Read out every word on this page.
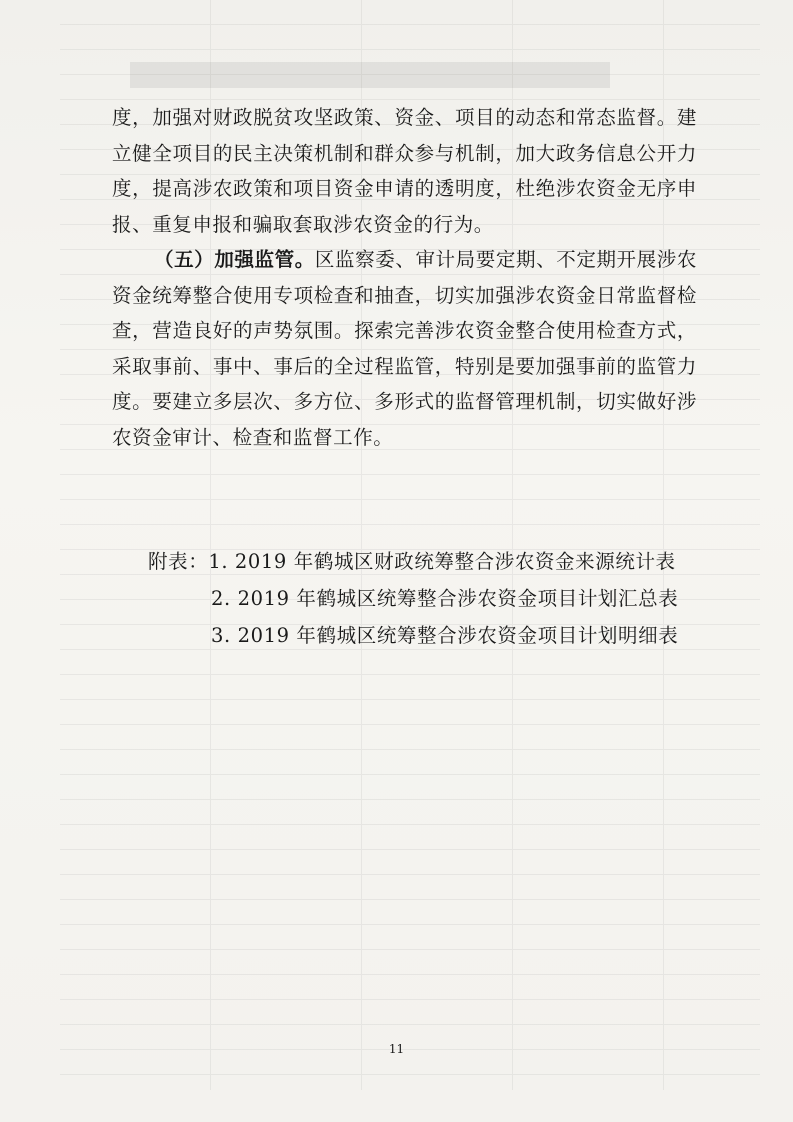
度，加强对财政脱贫攻坚政策、资金、项目的动态和常态监督。建立健全项目的民主决策机制和群众参与机制，加大政务信息公开力度，提高涉农政策和项目资金申请的透明度，杜绝涉农资金无序申报、重复申报和骗取套取涉农资金的行为。

（五）加强监管。区监察委、审计局要定期、不定期开展涉农资金统筹整合使用专项检查和抽查，切实加强涉农资金日常监督检查，营造良好的声势氛围。探索完善涉农资金整合使用检查方式，采取事前、事中、事后的全过程监管，特别是要加强事前的监管力度。要建立多层次、多方位、多形式的监督管理机制，切实做好涉农资金审计、检查和监督工作。

附表：1. 2019 年鹤城区财政统筹整合涉农资金来源统计表
2. 2019 年鹤城区统筹整合涉农资金项目计划汇总表
3. 2019 年鹤城区统筹整合涉农资金项目计划明细表
11
